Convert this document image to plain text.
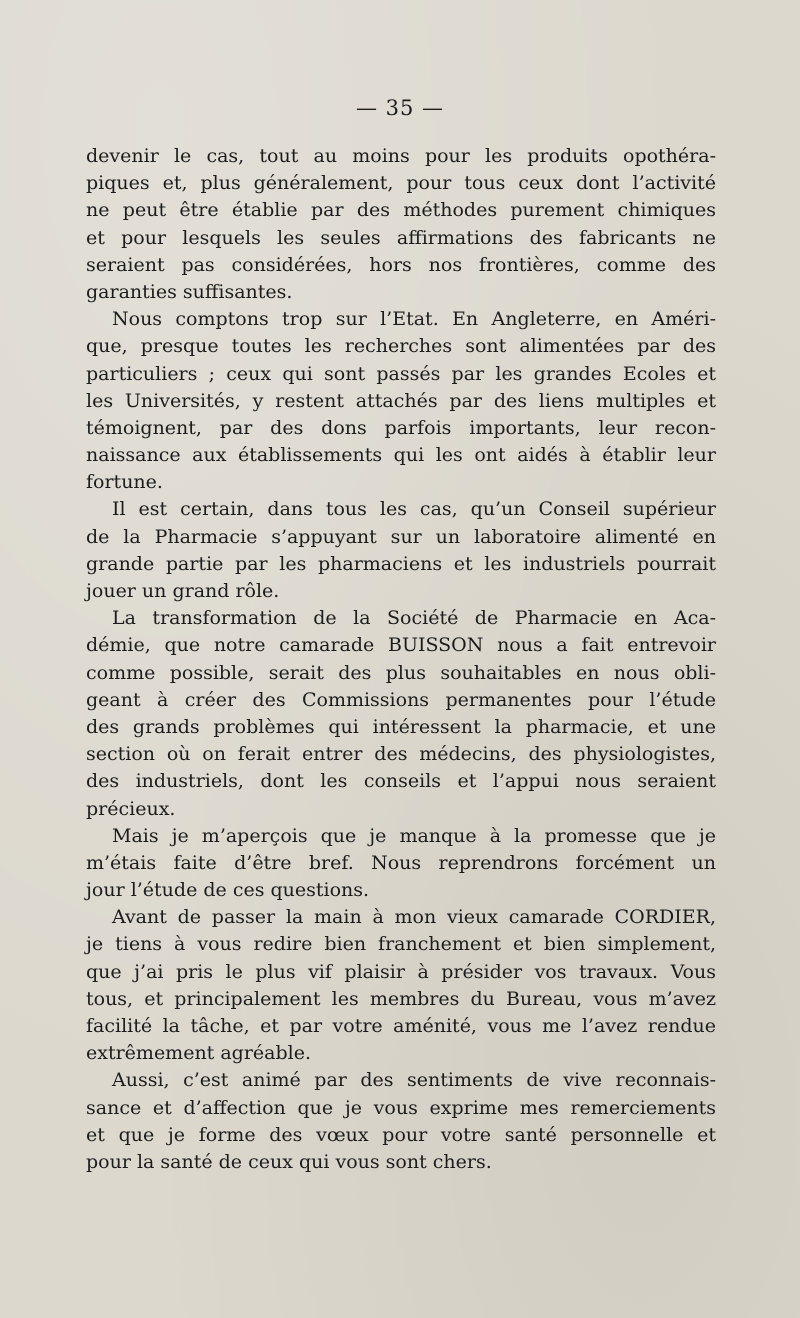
— 35 —
devenir le cas, tout au moins pour les produits opothéra-
piques et, plus généralement, pour tous ceux dont l’activité
ne peut être établie par des méthodes purement chimiques
et pour lesquels les seules affirmations des fabricants ne
seraient pas considérées, hors nos frontières, comme des
garanties suffisantes.
Nous comptons trop sur l’Etat. En Angleterre, en Améri-
que, presque toutes les recherches sont alimentées par des
particuliers ; ceux qui sont passés par les grandes Ecoles et
les Universités, y restent attachés par des liens multiples et
témoignent, par des dons parfois importants, leur recon-
naissance aux établissements qui les ont aidés à établir leur
fortune.
Il est certain, dans tous les cas, qu’un Conseil supérieur
de la Pharmacie s’appuyant sur un laboratoire alimenté en
grande partie par les pharmaciens et les industriels pourrait
jouer un grand rôle.
La transformation de la Société de Pharmacie en Aca-
démie, que notre camarade BUISSON nous a fait entrevoir
comme possible, serait des plus souhaitables en nous obli-
geant à créer des Commissions permanentes pour l’étude
des grands problèmes qui intéressent la pharmacie, et une
section où on ferait entrer des médecins, des physiologistes,
des industriels, dont les conseils et l’appui nous seraient
précieux.
Mais je m’aperçois que je manque à la promesse que je
m’étais faite d’être bref. Nous reprendrons forcément un
jour l’étude de ces questions.
Avant de passer la main à mon vieux camarade CORDIER,
je tiens à vous redire bien franchement et bien simplement,
que j’ai pris le plus vif plaisir à présider vos travaux. Vous
tous, et principalement les membres du Bureau, vous m’avez
facilité la tâche, et par votre aménité, vous me l’avez rendue
extrêmement agréable.
Aussi, c’est animé par des sentiments de vive reconnais-
sance et d’affection que je vous exprime mes remerciements
et que je forme des vœux pour votre santé personnelle et
pour la santé de ceux qui vous sont chers.
